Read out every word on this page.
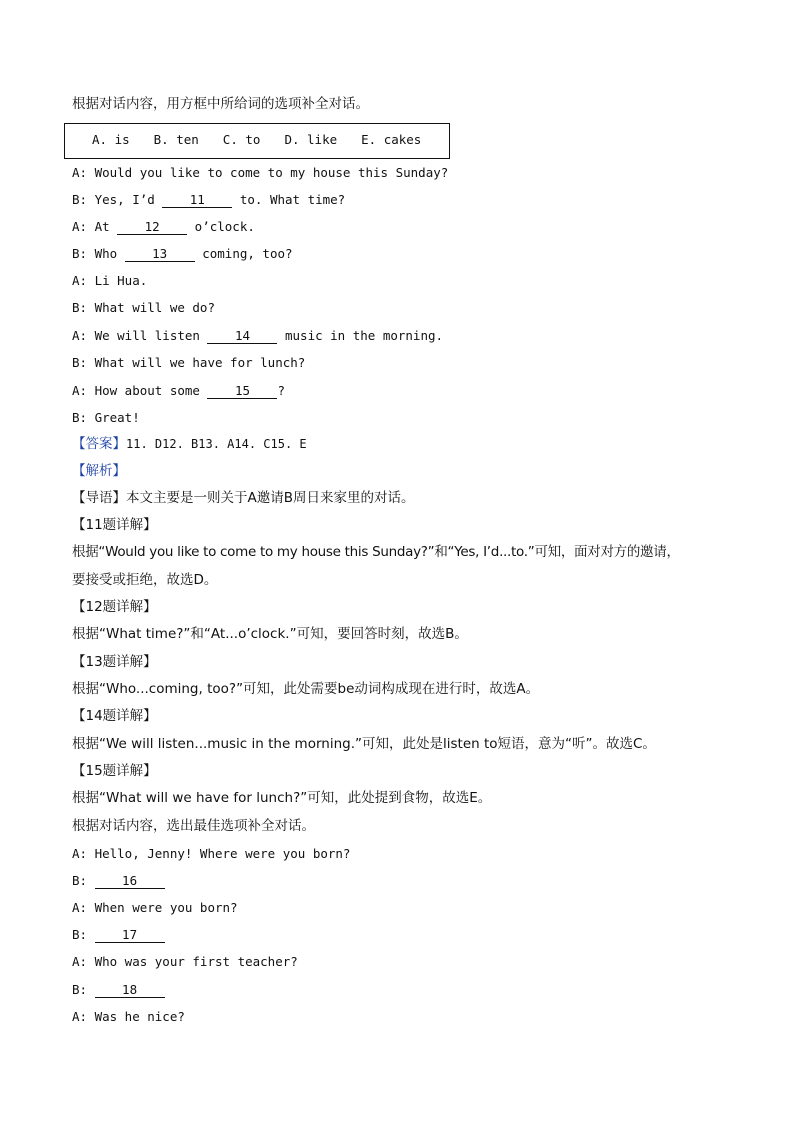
根据对话内容，用方框中所给词的选项补全对话。
A. is B. ten C. to D. like E. cakes
A: Would you like to come to my house this Sunday?
B: Yes, I’d 11 to. What time?
A: At 12 o’clock.
B: Who 13 coming, too?
A: Li Hua.
B: What will we do?
A: We will listen 14 music in the morning.
B: What will we have for lunch?
A: How about some 15 ?
B: Great!
【答案】11. D12. B13. A14. C15. E
【解析】
【导语】本文主要是一则关于A邀请B周日来家里的对话。
【11题详解】
根据“Would you like to come to my house this Sunday?”和“Yes, I’d...to.”可知，面对对方的邀请，
要接受或拒绝，故选D。
【12题详解】
根据“What time?”和“At...o’clock.”可知，要回答时刻，故选B。
【13题详解】
根据“Who...coming, too?”可知，此处需要be动词构成现在进行时，故选A。
【14题详解】
根据“We will listen...music in the morning.”可知，此处是listen to短语，意为“听”。故选C。
【15题详解】
根据“What will we have for lunch?”可知，此处提到食物，故选E。
根据对话内容，选出最佳选项补全对话。
A: Hello, Jenny! Where were you born?
B: 16
A: When were you born?
B: 17
A: Who was your first teacher?
B: 18
A: Was he nice?
